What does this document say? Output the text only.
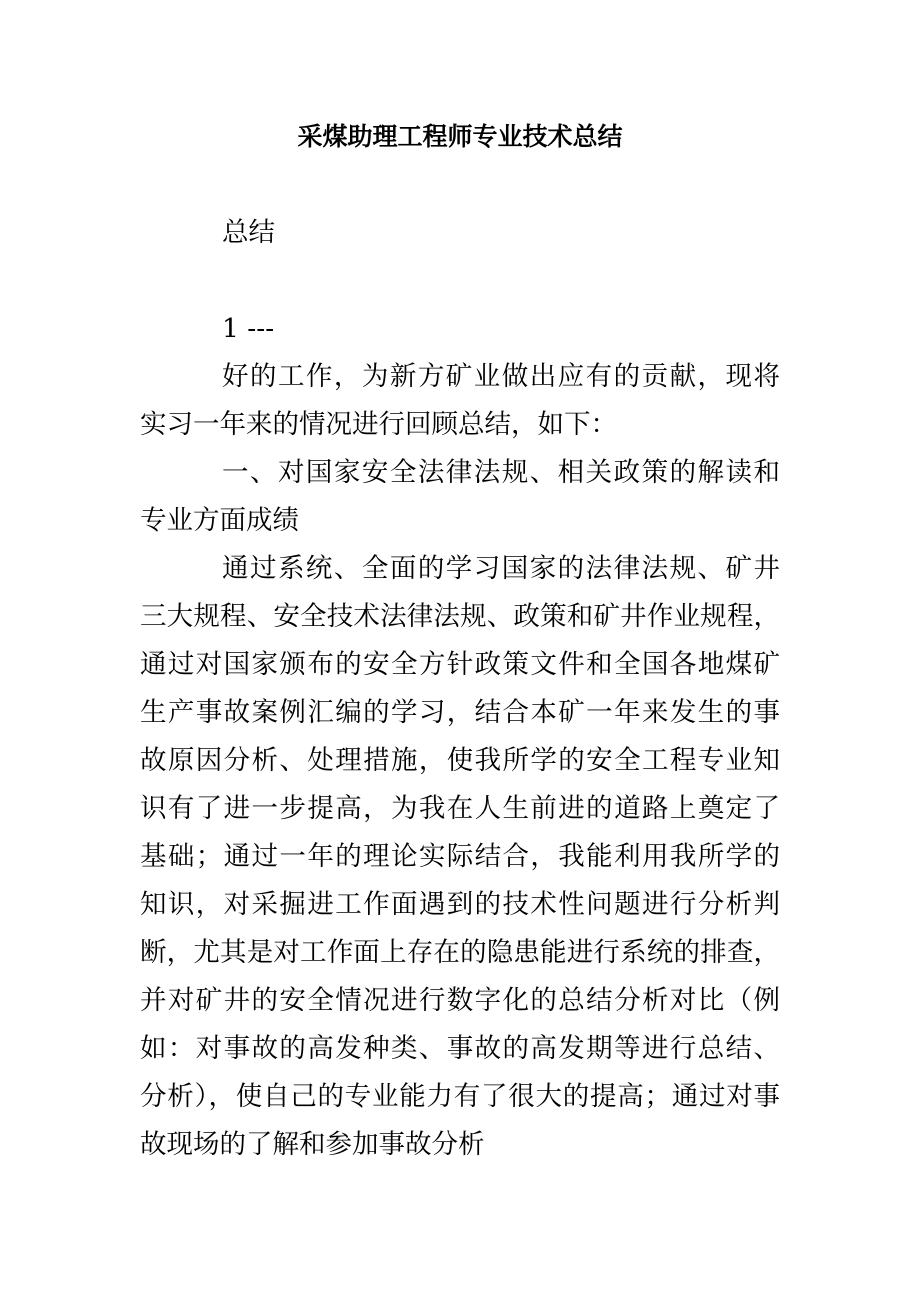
采煤助理工程师专业技术总结
总结
1 ---
好的工作，为新方矿业做出应有的贡献，现将
实习一年来的情况进行回顾总结，如下：
一、对国家安全法律法规、相关政策的解读和
专业方面成绩
通过系统、全面的学习国家的法律法规、矿井
三大规程、安全技术法律法规、政策和矿井作业规程，
通过对国家颁布的安全方针政策文件和全国各地煤矿
生产事故案例汇编的学习，结合本矿一年来发生的事
故原因分析、处理措施，使我所学的安全工程专业知
识有了进一步提高，为我在人生前进的道路上奠定了
基础；通过一年的理论实际结合，我能利用我所学的
知识，对采掘进工作面遇到的技术性问题进行分析判
断，尤其是对工作面上存在的隐患能进行系统的排查，
并对矿井的安全情况进行数字化的总结分析对比（例
如：对事故的高发种类、事故的高发期等进行总结、
分析），使自己的专业能力有了很大的提高；通过对事
故现场的了解和参加事故分析
